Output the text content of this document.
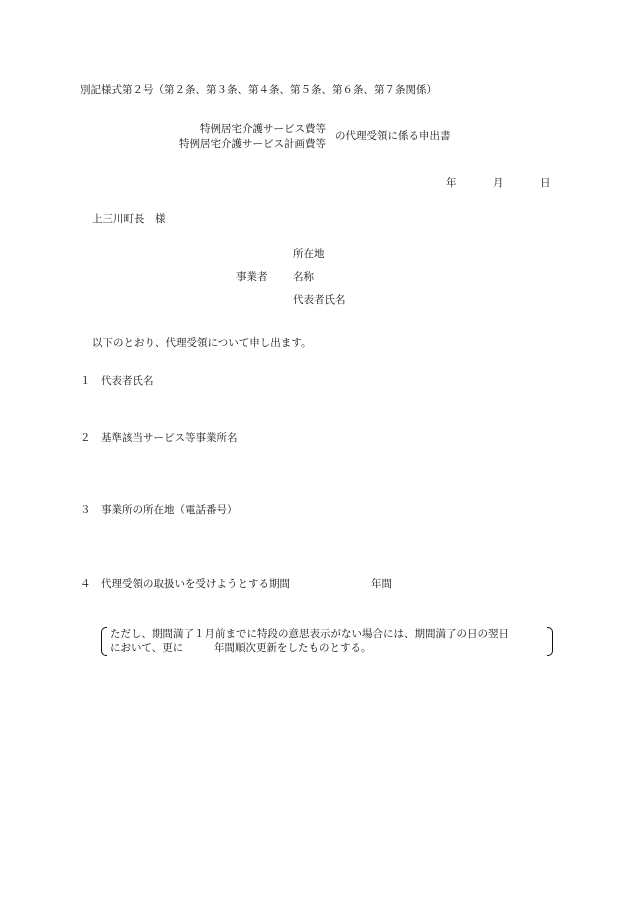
別記様式第２号（第２条、第３条、第４条、第５条、第６条、第７条関係）
特例居宅介護サービス費等
特例居宅介護サービス計画費等
の代理受領に係る申出書
年	月	日
上三川町長　様
所在地
事業者 名称
代表者氏名
以下のとおり、代理受領について申し出ます。
１ 代表者氏名
２ 基準該当サービス等事業所名
３ 事業所の所在地（電話番号）
４ 代理受領の取扱いを受けようとする期間	年間
ただし、期間満了１月前までに特段の意思表示がない場合には、期間満了の日の翌日
において、更に	年間順次更新をしたものとする。
